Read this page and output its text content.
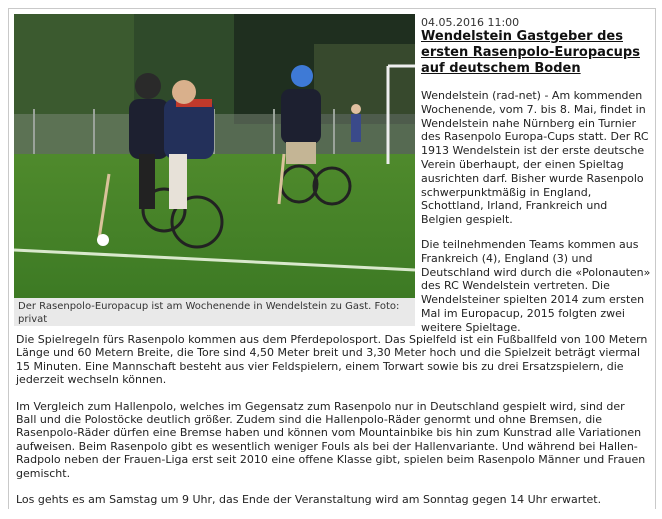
Der Rasenpolo-Europacup ist am Wochenende in Wendelstein zu Gast. Foto: privat
04.05.2016 11:00
Wendelstein Gastgeber des ersten Rasenpolo-Europacups auf deutschem Boden

Wendelstein (rad-net) - Am kommenden Wochenende, vom 7. bis 8. Mai, findet in Wendelstein nahe Nürnberg ein Turnier des Rasenpolo Europa-Cups statt. Der RC 1913 Wendelstein ist der erste deutsche Verein überhaupt, der einen Spieltag ausrichten darf. Bisher wurde Rasenpolo schwerpunktmäßig in England, Schottland, Irland, Frankreich und Belgien gespielt.

Die teilnehmenden Teams kommen aus Frankreich (4), England (3) und Deutschland wird durch die «Polonauten» des RC Wendelstein vertreten. Die Wendelsteiner spielten 2014 zum ersten Mal im Europacup, 2015 folgten zwei weitere Spieltage.

Die Spielregeln fürs Rasenpolo kommen aus dem Pferdepolosport. Das Spielfeld ist ein Fußballfeld von 100 Metern Länge und 60 Metern Breite, die Tore sind 4,50 Meter breit und 3,30 Meter hoch und die Spielzeit beträgt viermal 15 Minuten. Eine Mannschaft besteht aus vier Feldspielern, einem Torwart sowie bis zu drei Ersatzspielern, die jederzeit wechseln können.

Im Vergleich zum Hallenpolo, welches im Gegensatz zum Rasenpolo nur in Deutschland gespielt wird, sind der Ball und die Polostöcke deutlich größer. Zudem sind die Hallenpolo-Räder genormt und ohne Bremsen, die Rasenpolo-Räder dürfen eine Bremse haben und können vom Mountainbike bis hin zum Kunstrad alle Variationen aufweisen. Beim Rasenpolo gibt es wesentlich weniger Fouls als bei der Hallenvariante. Und während bei Hallen-Radpolo neben der Frauen-Liga erst seit 2010 eine offene Klasse gibt, spielen beim Rasenpolo Männer und Frauen gemischt.

Los gehts es am Samstag um 9 Uhr, das Ende der Veranstaltung wird am Sonntag gegen 14 Uhr erwartet.
